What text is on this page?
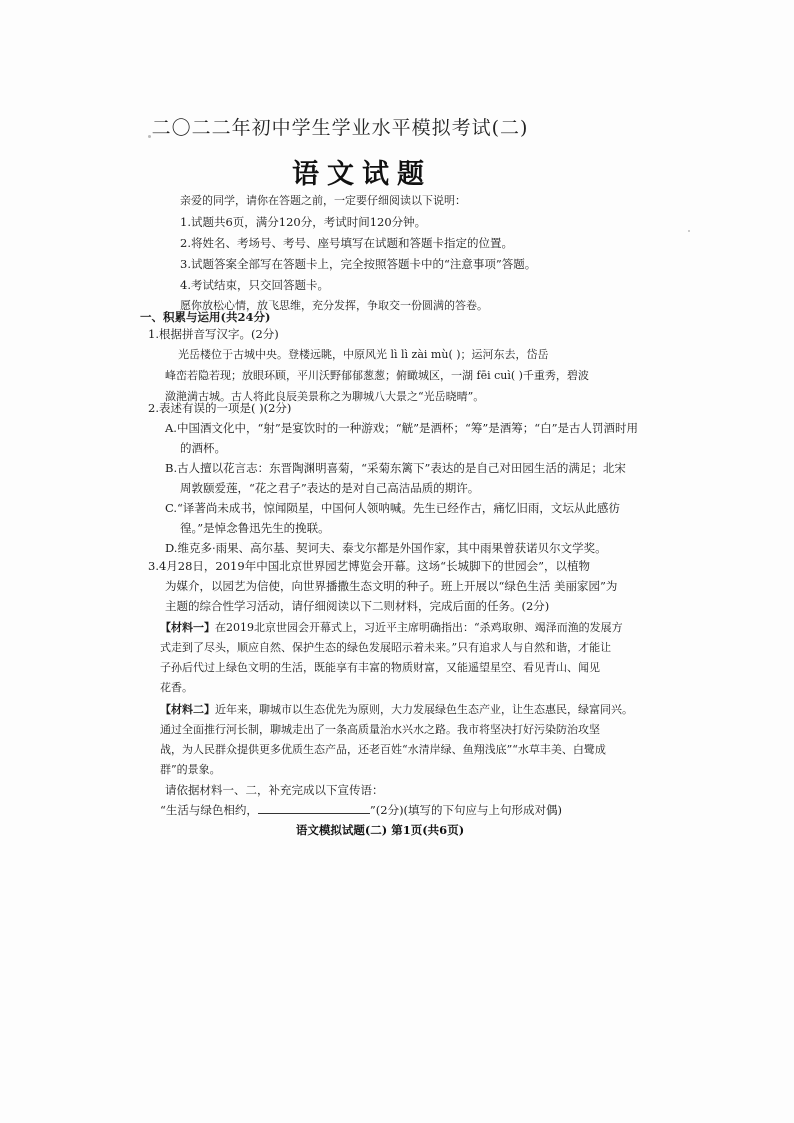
二〇二二年初中学生学业水平模拟考试(二)
语文试题
亲爱的同学，请你在答题之前，一定要仔细阅读以下说明：
1.试题共6页，满分120分，考试时间120分钟。
2.将姓名、考场号、考号、座号填写在试题和答题卡指定的位置。
3.试题答案全部写在答题卡上，完全按照答题卡中的“注意事项”答题。
4.考试结束，只交回答题卡。
愿你放松心情，放飞思维，充分发挥，争取交一份圆满的答卷。
一、积累与运用(共24分)
1.根据拼音写汉字。(2分)
光岳楼位于古城中央。登楼远眺，中原风光 lì lì zài mù( )；运河东去，岱岳
峰峦若隐若现；放眼环顾，平川沃野郁郁葱葱；俯瞰城区，一湖 fēi cuì( )千重秀，碧波
潋滟満古城。古人将此良辰美景称之为聊城八大景之“光岳晓晴”。
2.表述有误的一项是( )(2分)
A.中国酒文化中，“射”是宴饮时的一种游戏；“觥”是酒杯；“筹”是酒筹；“白”是古人罚酒时用
的酒杯。
B.古人擅以花言志：东晋陶渊明喜菊，“采菊东篱下”表达的是自己对田园生活的满足；北宋
周敦颐爱莲，“花之君子”表达的是对自己高洁品质的期许。
C.“译著尚未成书，惊闻陨星，中国何人领呐喊。先生已经作古，痛忆旧雨，文坛从此感彷
徨。”是悼念鲁迅先生的挽联。
D.维克多·雨果、高尔基、契诃夫、泰戈尔都是外国作家，其中雨果曾获诺贝尔文学奖。
3.4月28日，2019年中国北京世界园艺博览会开幕。这场“长城脚下的世园会”，以植物
为媒介，以园艺为信使，向世界播撒生态文明的种子。班上开展以“绿色生活 美丽家园”为
主题的综合性学习活动，请仔细阅读以下二则材料，完成后面的任务。(2分)
【材料一】在2019北京世园会开幕式上，习近平主席明确指出：“杀鸡取卵、竭泽而渔的发展方
式走到了尽头，顺应自然、保护生态的绿色发展昭示着未来。”只有追求人与自然和谐，才能让
子孙后代过上绿色文明的生活，既能享有丰富的物质财富，又能遥望星空、看见青山、闻见
花香。
【材料二】近年来，聊城市以生态优先为原则，大力发展绿色生态产业，让生态惠民，绿富同兴。
通过全面推行河长制，聊城走出了一条高质量治水兴水之路。我市将坚决打好污染防治攻坚
战，为人民群众提供更多优质生态产品，还老百姓“水清岸绿、鱼翔浅底”“水草丰美、白鹭成
群”的景象。
请依据材料一、二，补充完成以下宣传语：
“生活与绿色相约，	”(2分)(填写的下句应与上句形成对偶)
语文模拟试题(二) 第1页(共6页)
